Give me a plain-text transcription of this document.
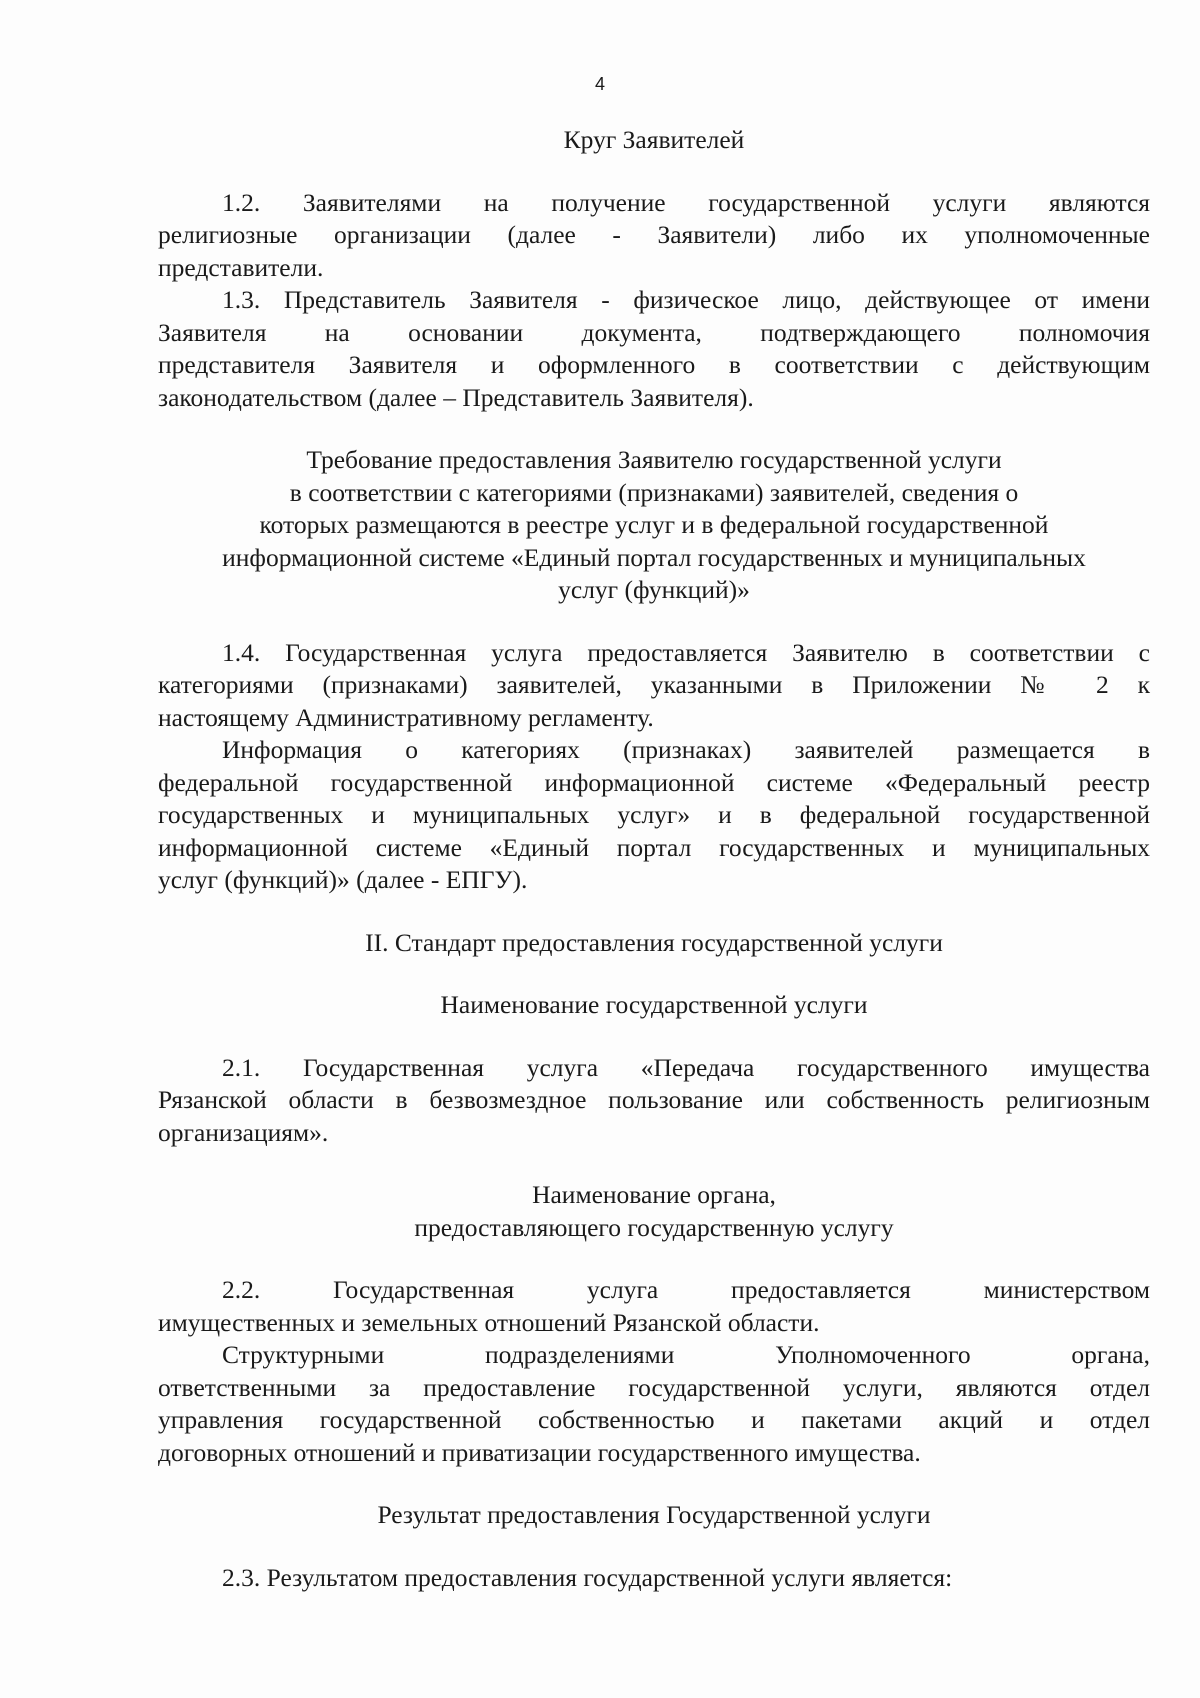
4
Круг Заявителей
1.2. Заявителями на получение государственной услуги являются
религиозные организации (далее - Заявители) либо их уполномоченные
представители.
1.3. Представитель Заявителя - физическое лицо, действующее от имени
Заявителя на основании документа, подтверждающего полномочия
представителя Заявителя и оформленного в соответствии с действующим
законодательством (далее – Представитель Заявителя).
Требование предоставления Заявителю государственной услуги
в соответствии с категориями (признаками) заявителей, сведения о
которых размещаются в реестре услуг и в федеральной государственной
информационной системе «Единый портал государственных и муниципальных
услуг (функций)»
1.4. Государственная услуга предоставляется Заявителю в соответствии с
категориями (признаками) заявителей, указанными в Приложении № 2 к
настоящему Административному регламенту.
Информация о категориях (признаках) заявителей размещается в
федеральной государственной информационной системе «Федеральный реестр
государственных и муниципальных услуг» и в федеральной государственной
информационной системе «Единый портал государственных и муниципальных
услуг (функций)» (далее - ЕПГУ).
II. Стандарт предоставления государственной услуги
Наименование государственной услуги
2.1. Государственная услуга «Передача государственного имущества
Рязанской области в безвозмездное пользование или собственность религиозным
организациям».
Наименование органа,
предоставляющего государственную услугу
2.2. Государственная услуга предоставляется министерством
имущественных и земельных отношений Рязанской области.
Структурными подразделениями Уполномоченного органа,
ответственными за предоставление государственной услуги, являются отдел
управления государственной собственностью и пакетами акций и отдел
договорных отношений и приватизации государственного имущества.
Результат предоставления Государственной услуги
2.3. Результатом предоставления государственной услуги является:
